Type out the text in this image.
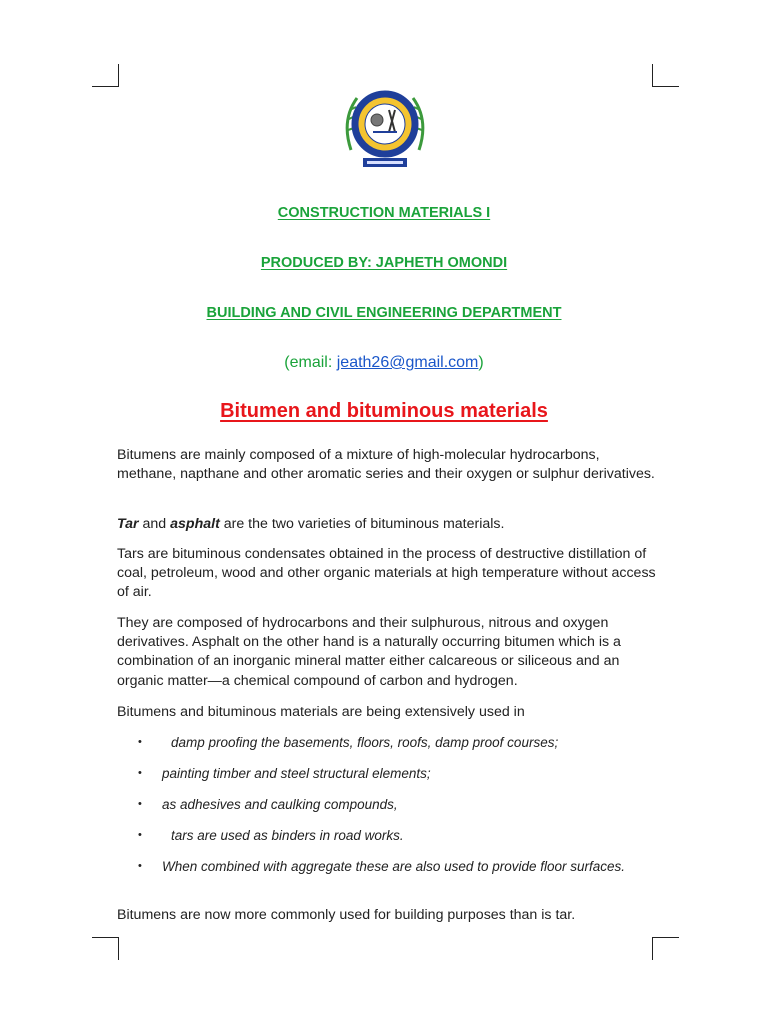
CONSTRUCTION MATERIALS I
PRODUCED BY: JAPHETH OMONDI
BUILDING AND CIVIL ENGINEERING DEPARTMENT
(email: jeath26@gmail.com)
Bitumen and bituminous materials
Bitumens are mainly composed of a mixture of high-molecular hydrocarbons, methane, napthane and other aromatic series and their oxygen or sulphur derivatives.
Tar and asphalt are the two varieties of bituminous materials.
Tars are bituminous condensates obtained in the process of destructive distillation of coal, petroleum, wood and other organic materials at high temperature without access of air.
They are composed of hydrocarbons and their sulphurous, nitrous and oxygen derivatives. Asphalt on the other hand is a naturally occurring bitumen which is a combination of an inorganic mineral matter either calcareous or siliceous and an organic matter—a chemical compound of carbon and hydrogen.
Bitumens and bituminous materials are being extensively used in
• damp proofing the basements, floors, roofs, damp proof courses;
• painting timber and steel structural elements;
• as adhesives and caulking compounds,
• tars are used as binders in road works.
• When combined with aggregate these are also used to provide floor surfaces.
Bitumens are now more commonly used for building purposes than is tar.
